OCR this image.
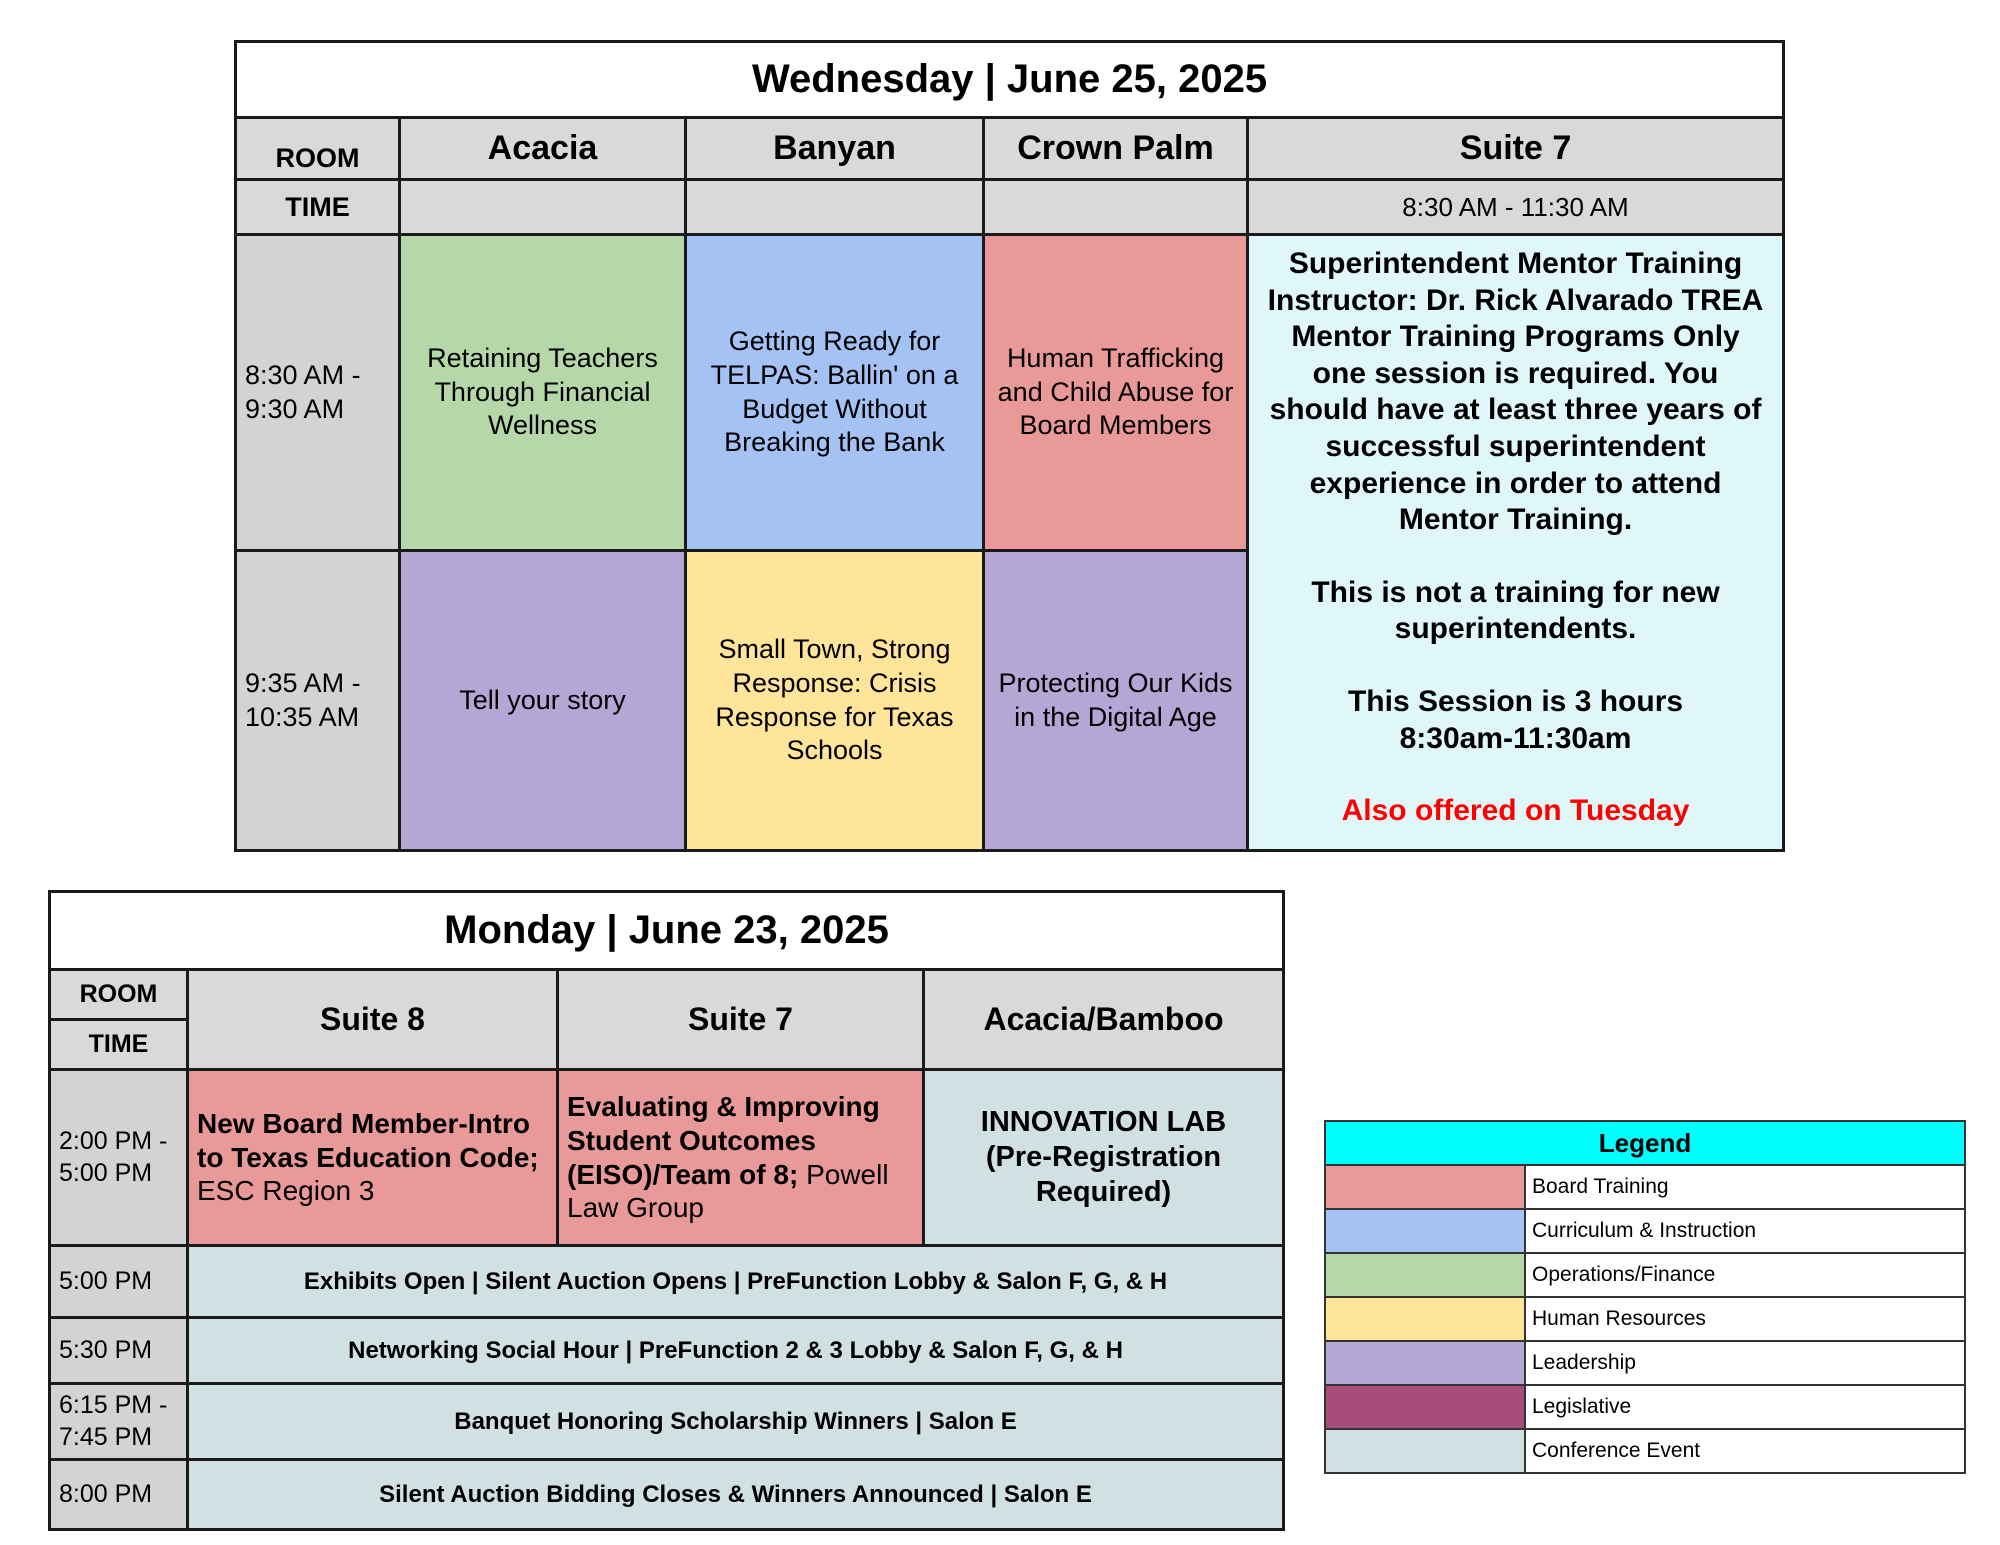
Wednesday | June 25, 2025				
ROOM	Acacia	Banyan	Crown Palm	Suite 7
TIME				8:30 AM - 11:30 AM
8:30 AM - 9:30 AM	Retaining Teachers Through Financial Wellness	Getting Ready for TELPAS: Ballin' on a Budget Without Breaking the Bank	Human Trafficking and Child Abuse for Board Members	Superintendent Mentor Training Instructor: Dr. Rick Alvarado TREA Mentor Training Programs Only one session is required. You should have at least three years of successful superintendent experience in order to attend Mentor Training.

This is not a training for new superintendents.

This Session is 3 hours

8:30am-11:30am

Also offered on Tuesday

9:35 AM - 10:35 AM	Tell your story	Small Town, Strong Response: Crisis Response for Texas Schools	Protecting Our Kids in the Digital Age	
Monday | June 23, 2025			
ROOM	Suite 8	Suite 7	Acacia/Bamboo
TIME			
2:00 PM - 5:00 PM	New Board Member-Intro to Texas Education Code; ESC Region 3	Evaluating & Improving Student Outcomes (EISO)/Team of 8; Powell Law Group	INNOVATION LAB (Pre-Registration Required)
5:00 PM	Exhibits Open | Silent Auction Opens | PreFunction Lobby & Salon F, G, & H		
5:30 PM	Networking Social Hour | PreFunction 2 & 3 Lobby & Salon F, G, & H		
6:15 PM - 7:45 PM	Banquet Honoring Scholarship Winners | Salon E		
8:00 PM	Silent Auction Bidding Closes & Winners Announced | Salon E		
Legend	
	Board Training
	Curriculum & Instruction
	Operations/Finance
	Human Resources
	Leadership
	Legislative
	Conference Event
